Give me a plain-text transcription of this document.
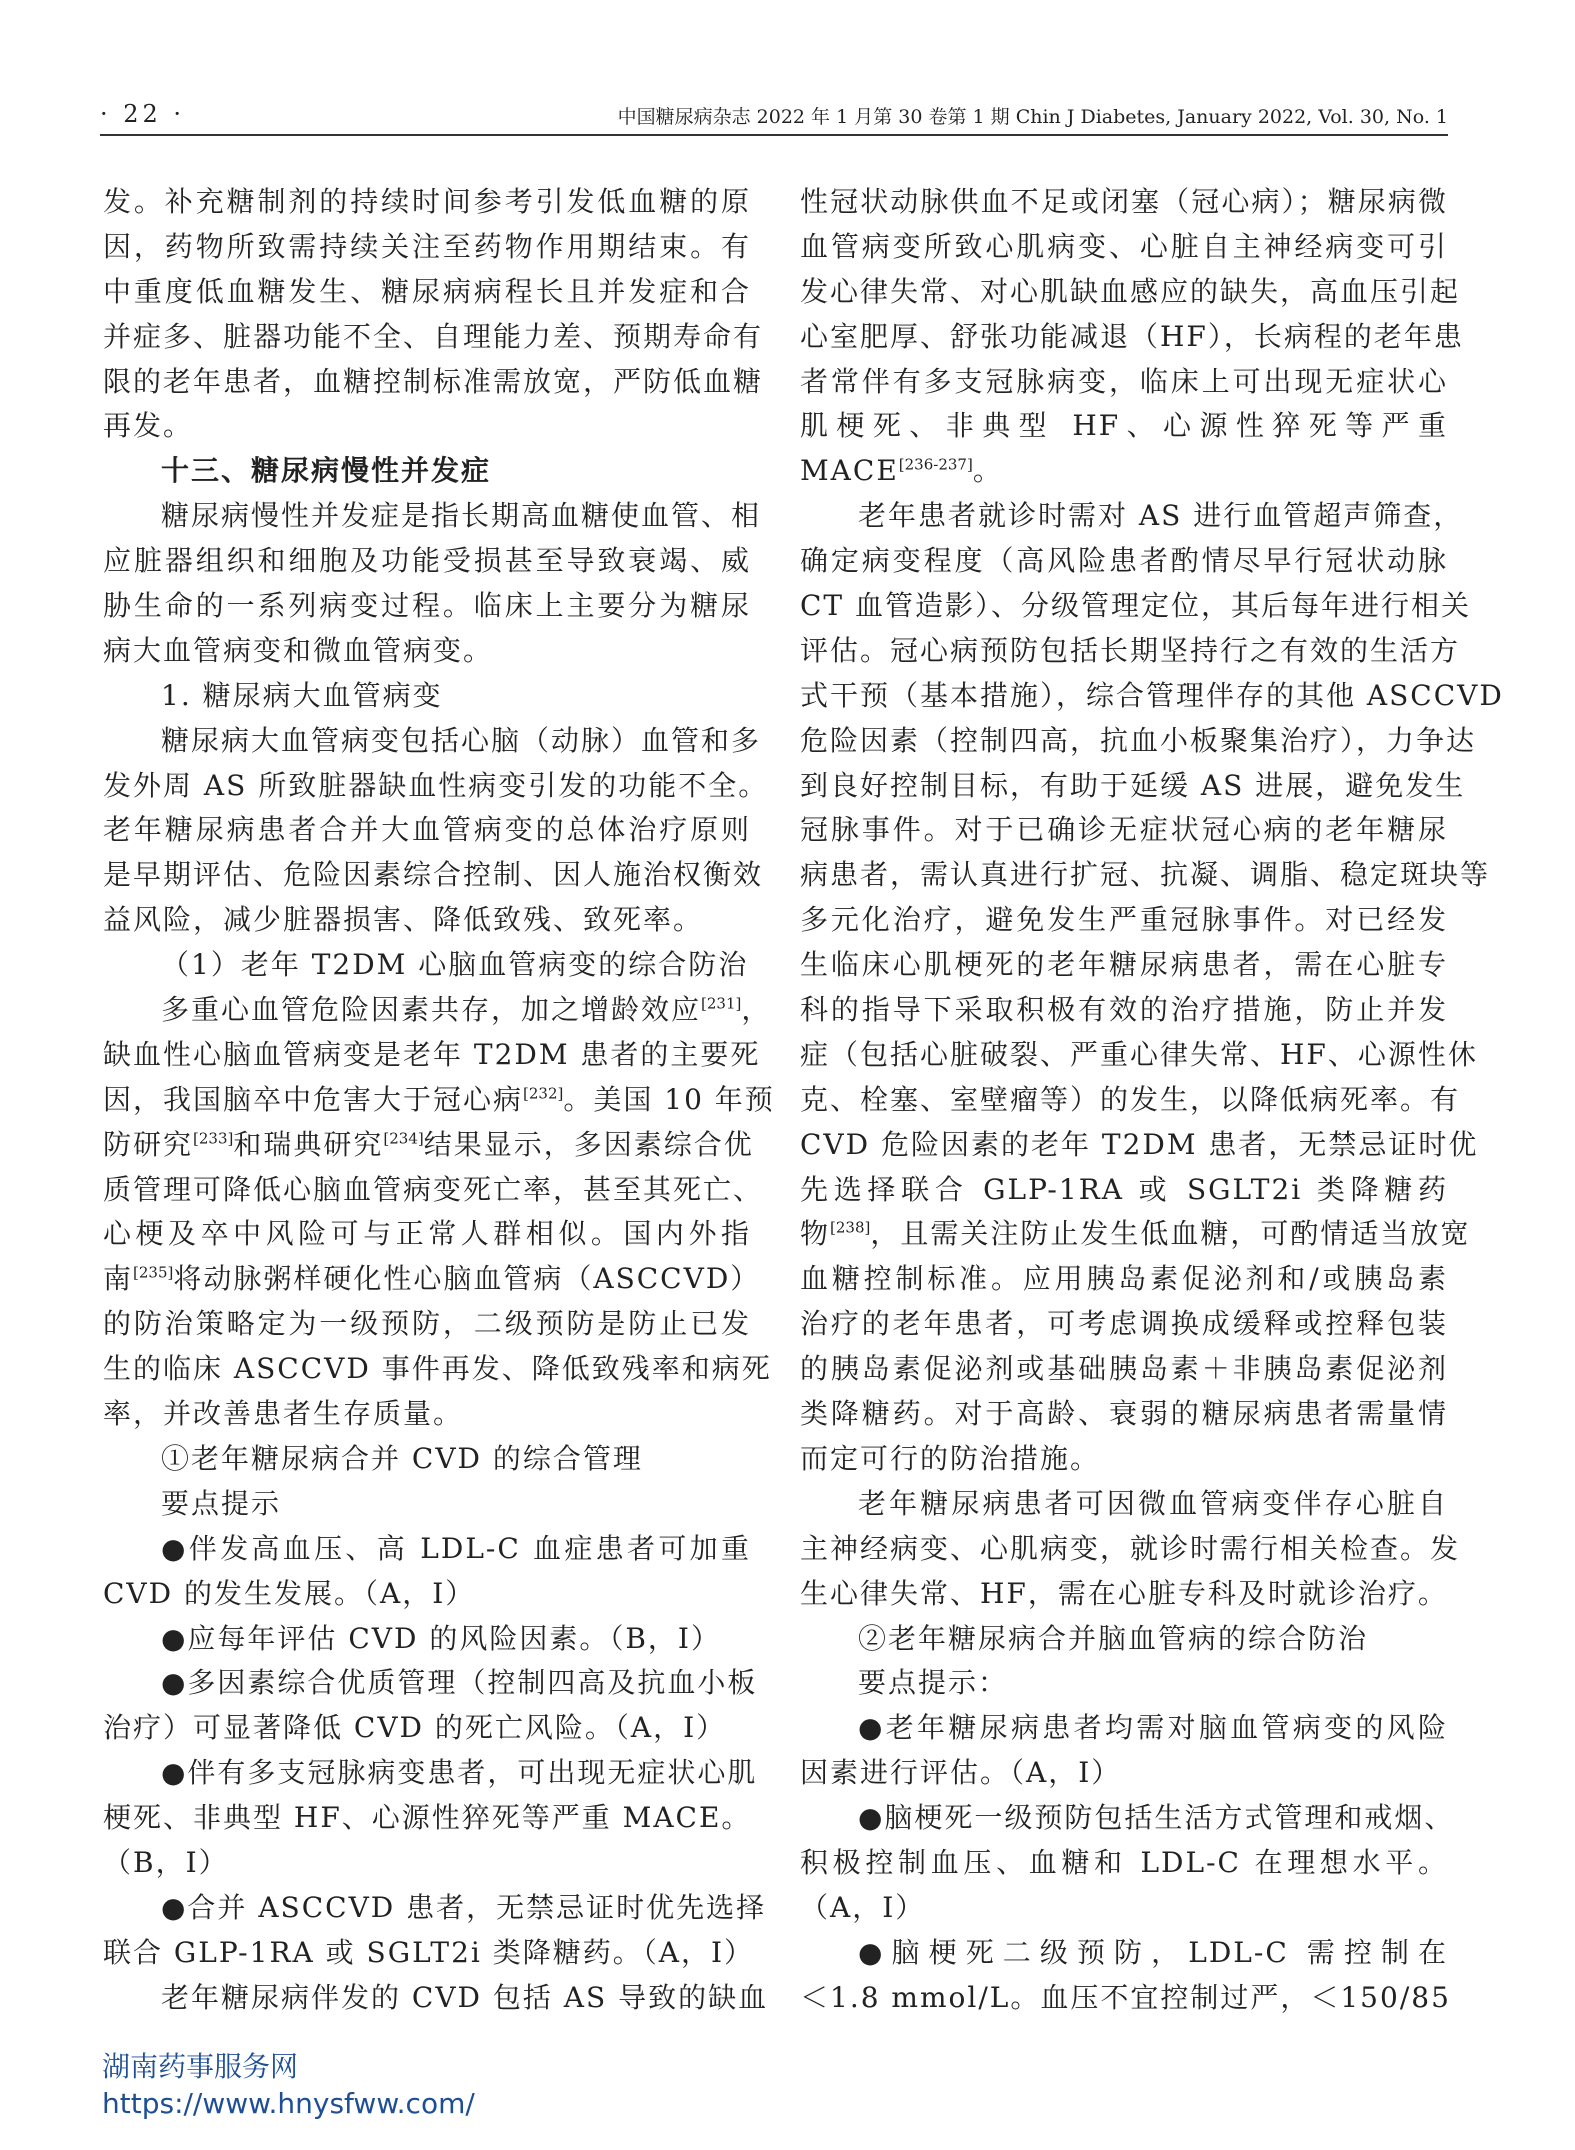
· 22 ·	中国糖尿病杂志 2022 年 1 月第 30 卷第 1 期 Chin J Diabetes, January 2022, Vol. 30, No. 1
发。补充糖制剂的持续时间参考引发低血糖的原
因，药物所致需持续关注至药物作用期结束。有
中重度低血糖发生、糖尿病病程长且并发症和合
并症多、脏器功能不全、自理能力差、预期寿命有
限的老年患者，血糖控制标准需放宽，严防低血糖
再发。
十三、糖尿病慢性并发症
糖尿病慢性并发症是指长期高血糖使血管、相
应脏器组织和细胞及功能受损甚至导致衰竭、威
胁生命的一系列病变过程。临床上主要分为糖尿
病大血管病变和微血管病变。
1. 糖尿病大血管病变
糖尿病大血管病变包括心脑（动脉）血管和多
发外周 AS 所致脏器缺血性病变引发的功能不全。
老年糖尿病患者合并大血管病变的总体治疗原则
是早期评估、危险因素综合控制、因人施治权衡效
益风险，减少脏器损害、降低致残、致死率。
（1）老年 T2DM 心脑血管病变的综合防治
多重心血管危险因素共存，加之增龄效应[231]，
缺血性心脑血管病变是老年 T2DM 患者的主要死
因，我国脑卒中危害大于冠心病[232]。美国 10 年预
防研究[233]和瑞典研究[234]结果显示，多因素综合优
质管理可降低心脑血管病变死亡率，甚至其死亡、
心梗及卒中风险可与正常人群相似。国内外指
南[235]将动脉粥样硬化性心脑血管病（ASCCVD）
的防治策略定为一级预防，二级预防是防止已发
生的临床 ASCCVD 事件再发、降低致残率和病死
率，并改善患者生存质量。
①老年糖尿病合并 CVD 的综合管理
要点提示
●伴发高血压、高 LDL-C 血症患者可加重
CVD 的发生发展。（A，Ⅰ）
●应每年评估 CVD 的风险因素。（B，Ⅰ）
●多因素综合优质管理（控制四高及抗血小板
治疗）可显著降低 CVD 的死亡风险。（A，Ⅰ）
●伴有多支冠脉病变患者，可出现无症状心肌
梗死、非典型 HF、心源性猝死等严重 MACE。
（B，Ⅰ）
●合并 ASCCVD 患者，无禁忌证时优先选择
联合 GLP-1RA 或 SGLT2i 类降糖药。（A，Ⅰ）
老年糖尿病伴发的 CVD 包括 AS 导致的缺血
性冠状动脉供血不足或闭塞（冠心病）；糖尿病微
血管病变所致心肌病变、心脏自主神经病变可引
发心律失常、对心肌缺血感应的缺失，高血压引起
心室肥厚、舒张功能减退（HF），长病程的老年患
者常伴有多支冠脉病变，临床上可出现无症状心
肌梗死、非典型 HF、心源性猝死等严重
MACE[236-237]。
老年患者就诊时需对 AS 进行血管超声筛查，
确定病变程度（高风险患者酌情尽早行冠状动脉
CT 血管造影）、分级管理定位，其后每年进行相关
评估。冠心病预防包括长期坚持行之有效的生活方
式干预（基本措施），综合管理伴存的其他 ASCCVD
危险因素（控制四高，抗血小板聚集治疗），力争达
到良好控制目标，有助于延缓 AS 进展，避免发生
冠脉事件。对于已确诊无症状冠心病的老年糖尿
病患者，需认真进行扩冠、抗凝、调脂、稳定斑块等
多元化治疗，避免发生严重冠脉事件。对已经发
生临床心肌梗死的老年糖尿病患者，需在心脏专
科的指导下采取积极有效的治疗措施，防止并发
症（包括心脏破裂、严重心律失常、HF、心源性休
克、栓塞、室壁瘤等）的发生，以降低病死率。有
CVD 危险因素的老年 T2DM 患者，无禁忌证时优
先选择联合 GLP-1RA 或 SGLT2i 类降糖药
物[238]，且需关注防止发生低血糖，可酌情适当放宽
血糖控制标准。应用胰岛素促泌剂和/或胰岛素
治疗的老年患者，可考虑调换成缓释或控释包装
的胰岛素促泌剂或基础胰岛素＋非胰岛素促泌剂
类降糖药。对于高龄、衰弱的糖尿病患者需量情
而定可行的防治措施。
老年糖尿病患者可因微血管病变伴存心脏自
主神经病变、心肌病变，就诊时需行相关检查。发
生心律失常、HF，需在心脏专科及时就诊治疗。
②老年糖尿病合并脑血管病的综合防治
要点提示：
●老年糖尿病患者均需对脑血管病变的风险
因素进行评估。（A，Ⅰ）
●脑梗死一级预防包括生活方式管理和戒烟、
积极控制血压、血糖和 LDL-C 在理想水平。
（A，Ⅰ）
●脑梗死二级预防，LDL-C 需控制在
＜1.8 mmol/L。血压不宜控制过严，＜150/85
湖南药事服务网
https://www.hnysfww.com/
